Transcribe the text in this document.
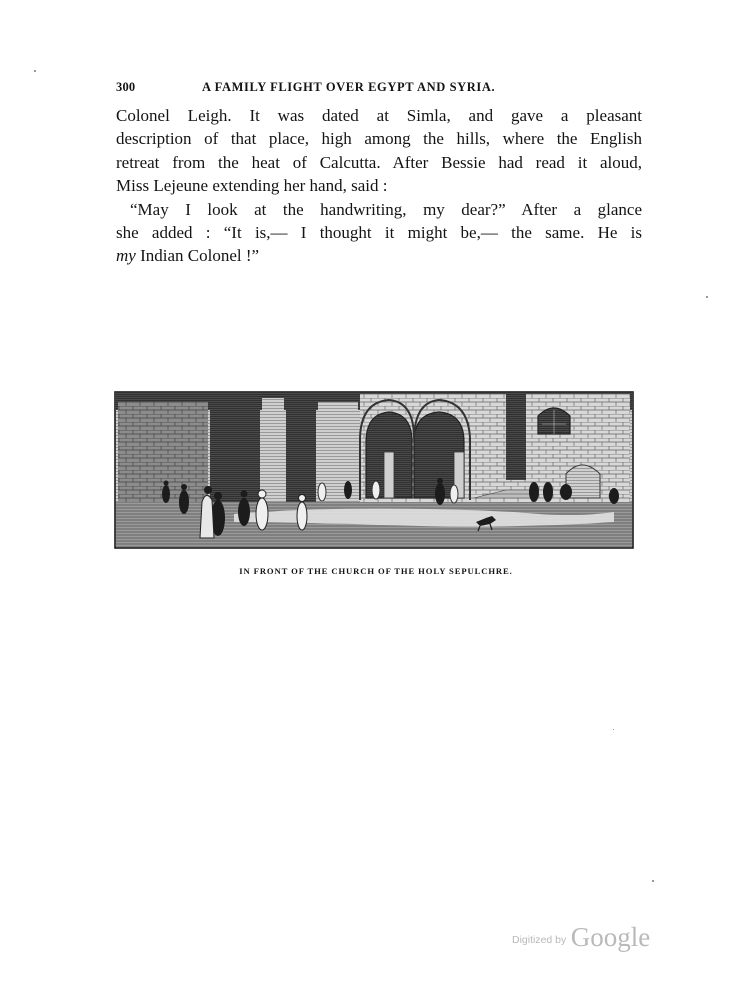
300	A FAMILY FLIGHT OVER EGYPT AND SYRIA.
Colonel Leigh. It was dated at Simla, and gave a pleasant
description of that place, high among the hills, where the English
retreat from the heat of Calcutta. After Bessie had read it aloud,
Miss Lejeune extending her hand, said :
“May I look at the handwriting, my dear?” After a glance
she added : “It is,— I thought it might be,— the same. He is
my Indian Colonel !”
IN FRONT OF THE CHURCH OF THE HOLY SEPULCHRE.
Digitized by Google
